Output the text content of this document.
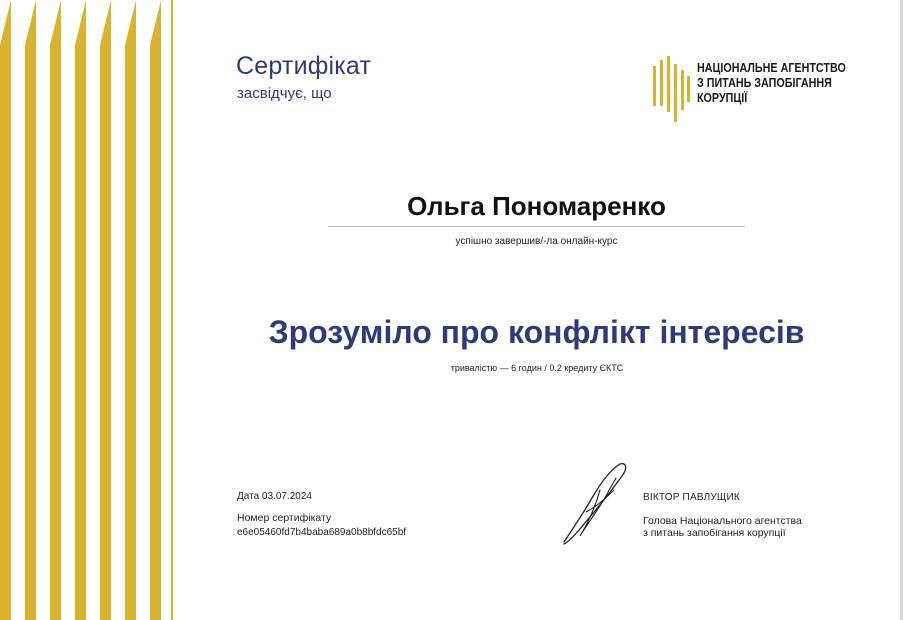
Сертифікат
засвідчує, що
НАЦІОНАЛЬНЕ АГЕНТСТВО
З ПИТАНЬ ЗАПОБІГАННЯ
КОРУПЦІЇ
Ольга Пономаренко
успішно завершив/-ла онлайн-курс
Зрозуміло про конфлікт інтересів
тривалістю — 6 годин / 0.2 кредиту ЄКТС
Дата 03.07.2024
Номер сертифікату
e6e05460fd7b4baba689a0b8bfdc65bf
ВІКТОР ПАВЛУЩИК
Голова Національного агентства
з питань запобігання корупції
